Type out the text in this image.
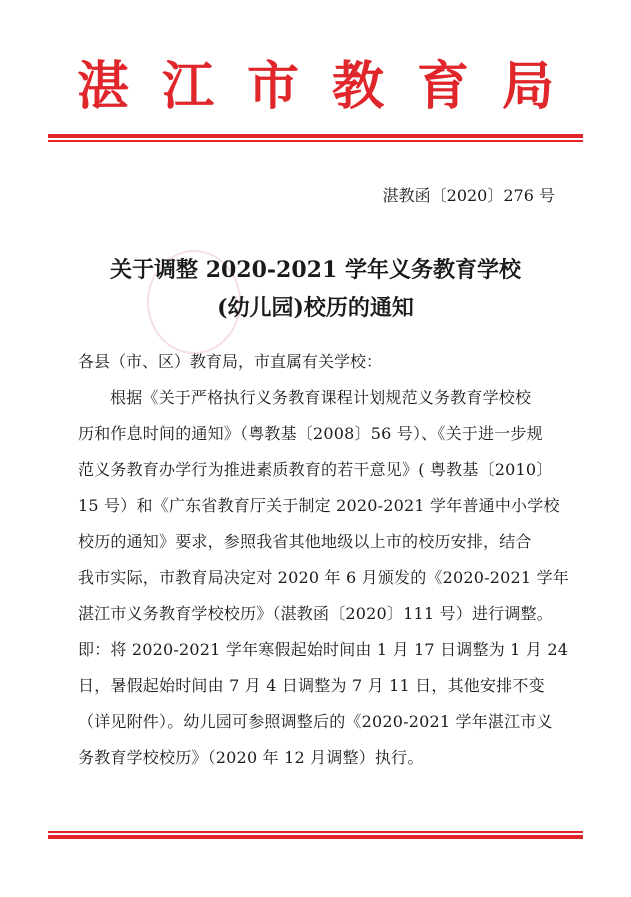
湛江市教育局
湛教函〔2020〕276 号
关于调整 2020-2021 学年义务教育学校
(幼儿园)校历的通知
各县（市、区）教育局，市直属有关学校：
根据《关于严格执行义务教育课程计划规范义务教育学校校
历和作息时间的通知》（粤教基〔2008〕56 号）、《关于进一步规
范义务教育办学行为推进素质教育的若干意见》( 粤教基〔2010〕
15 号）和《广东省教育厅关于制定 2020-2021 学年普通中小学校
校历的通知》要求，参照我省其他地级以上市的校历安排，结合
我市实际，市教育局决定对 2020 年 6 月颁发的《2020-2021 学年
湛江市义务教育学校校历》（湛教函〔2020〕111 号）进行调整。
即：将 2020-2021 学年寒假起始时间由 1 月 17 日调整为 1 月 24
日，暑假起始时间由 7 月 4 日调整为 7 月 11 日，其他安排不变
（详见附件）。幼儿园可参照调整后的《2020-2021 学年湛江市义
务教育学校校历》（2020 年 12 月调整）执行。
